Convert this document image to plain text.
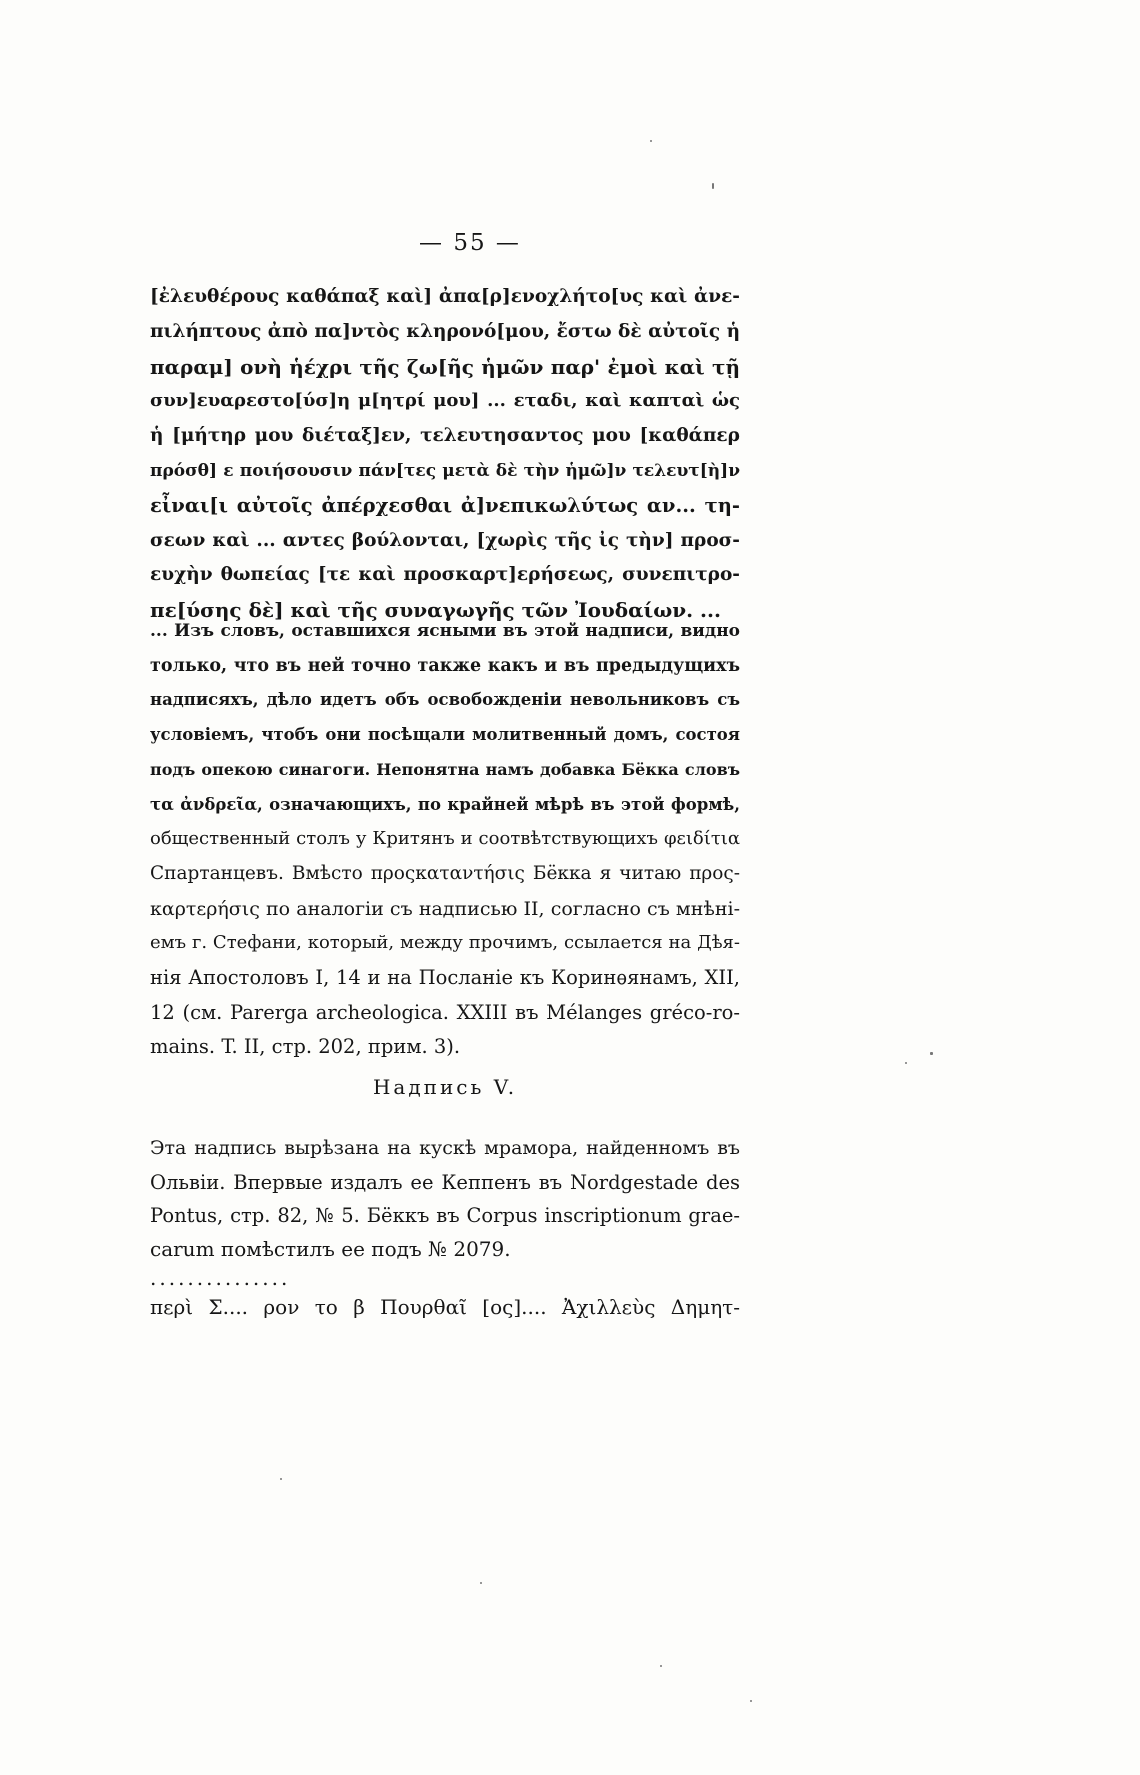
— 55 —
[ἐλευθέρους καθάπαξ καὶ] ἀπα[ρ]ενοχλήτο[υς καὶ ἀνε-
πιλήπτους ἀπὸ πα]ντὸς κληρονό[μου, ἔστω δὲ αὐτοῖς ἡ
παραμ] ονὴ ἡέχρι τῆς ζω[ῆς ἡμῶν παρ' ἐμοὶ καὶ τῇ
συν]ευαρεστο[ύσ]η μ[ητρί μου] ... εταδι, καὶ καπταὶ ὡς
ἡ [μήτηρ μου διέταξ]εν, τελευτησαντος μου [καθάπερ
πρόσθ] ε ποιήσουσιν πάν[τες μετὰ δὲ τὴν ἡμῶ]ν τελευτ[ὴ]ν
εἶναι[ι αὐτοῖς ἀπέρχεσθαι ἀ]νεπικωλύτως αν... τη-
σεων καὶ ... αντες βούλονται, [χωρὶς τῆς ἰς τὴν] προσ-
ευχὴν θωπείας [τε καὶ προσκαρτ]ερήσεως, συνεπιτρο-
πε[ύσης δὲ] καὶ τῆς συναγωγῆς τῶν Ἰουδαίων. ...
... Изъ словъ, оставшихся ясными въ этой надписи, видно
только, что въ ней точно также какъ и въ предыдущихъ
надписяхъ, дѣло идетъ объ освобожденіи невольниковъ съ
условіемъ, чтобъ они посѣщали молитвенный домъ, состоя
подъ опекою синагоги. Непонятна намъ добавка Бёкка словъ
τα ἀνδρεῖα, означающихъ, по крайней мѣрѣ въ этой формѣ,
общественный столъ у Критянъ и соотвѣтствующихъ φειδίτια
Спартанцевъ. Вмѣсто προςκαταντήσις Бёкка я читаю προς-
καρτερήσις по аналогіи съ надписью II, согласно съ мнѣні-
емъ г. Стефани, который, между прочимъ, ссылается на Дѣя-
нія Апостоловъ I, 14 и на Посланіе къ Коринѳянамъ, XII,
12 (см. Parerga archeologica. XXIII въ Mélanges gréco-ro-
mains. T. II, стр. 202, прим. 3).
Надпись V.
Эта надпись вырѣзана на кускѣ мрамора, найденномъ въ
Ольвіи. Впервые издалъ ее Кеппенъ въ Nordgestade des
Pontus, стр. 82, № 5. Бёккъ въ Corpus inscriptionum grae-
carum помѣстилъ ее подъ № 2079.
...............
περὶ Σ.... ρον το β Πουρθαῖ [ος].... Ἀχιλλεὺς Δημητ-
